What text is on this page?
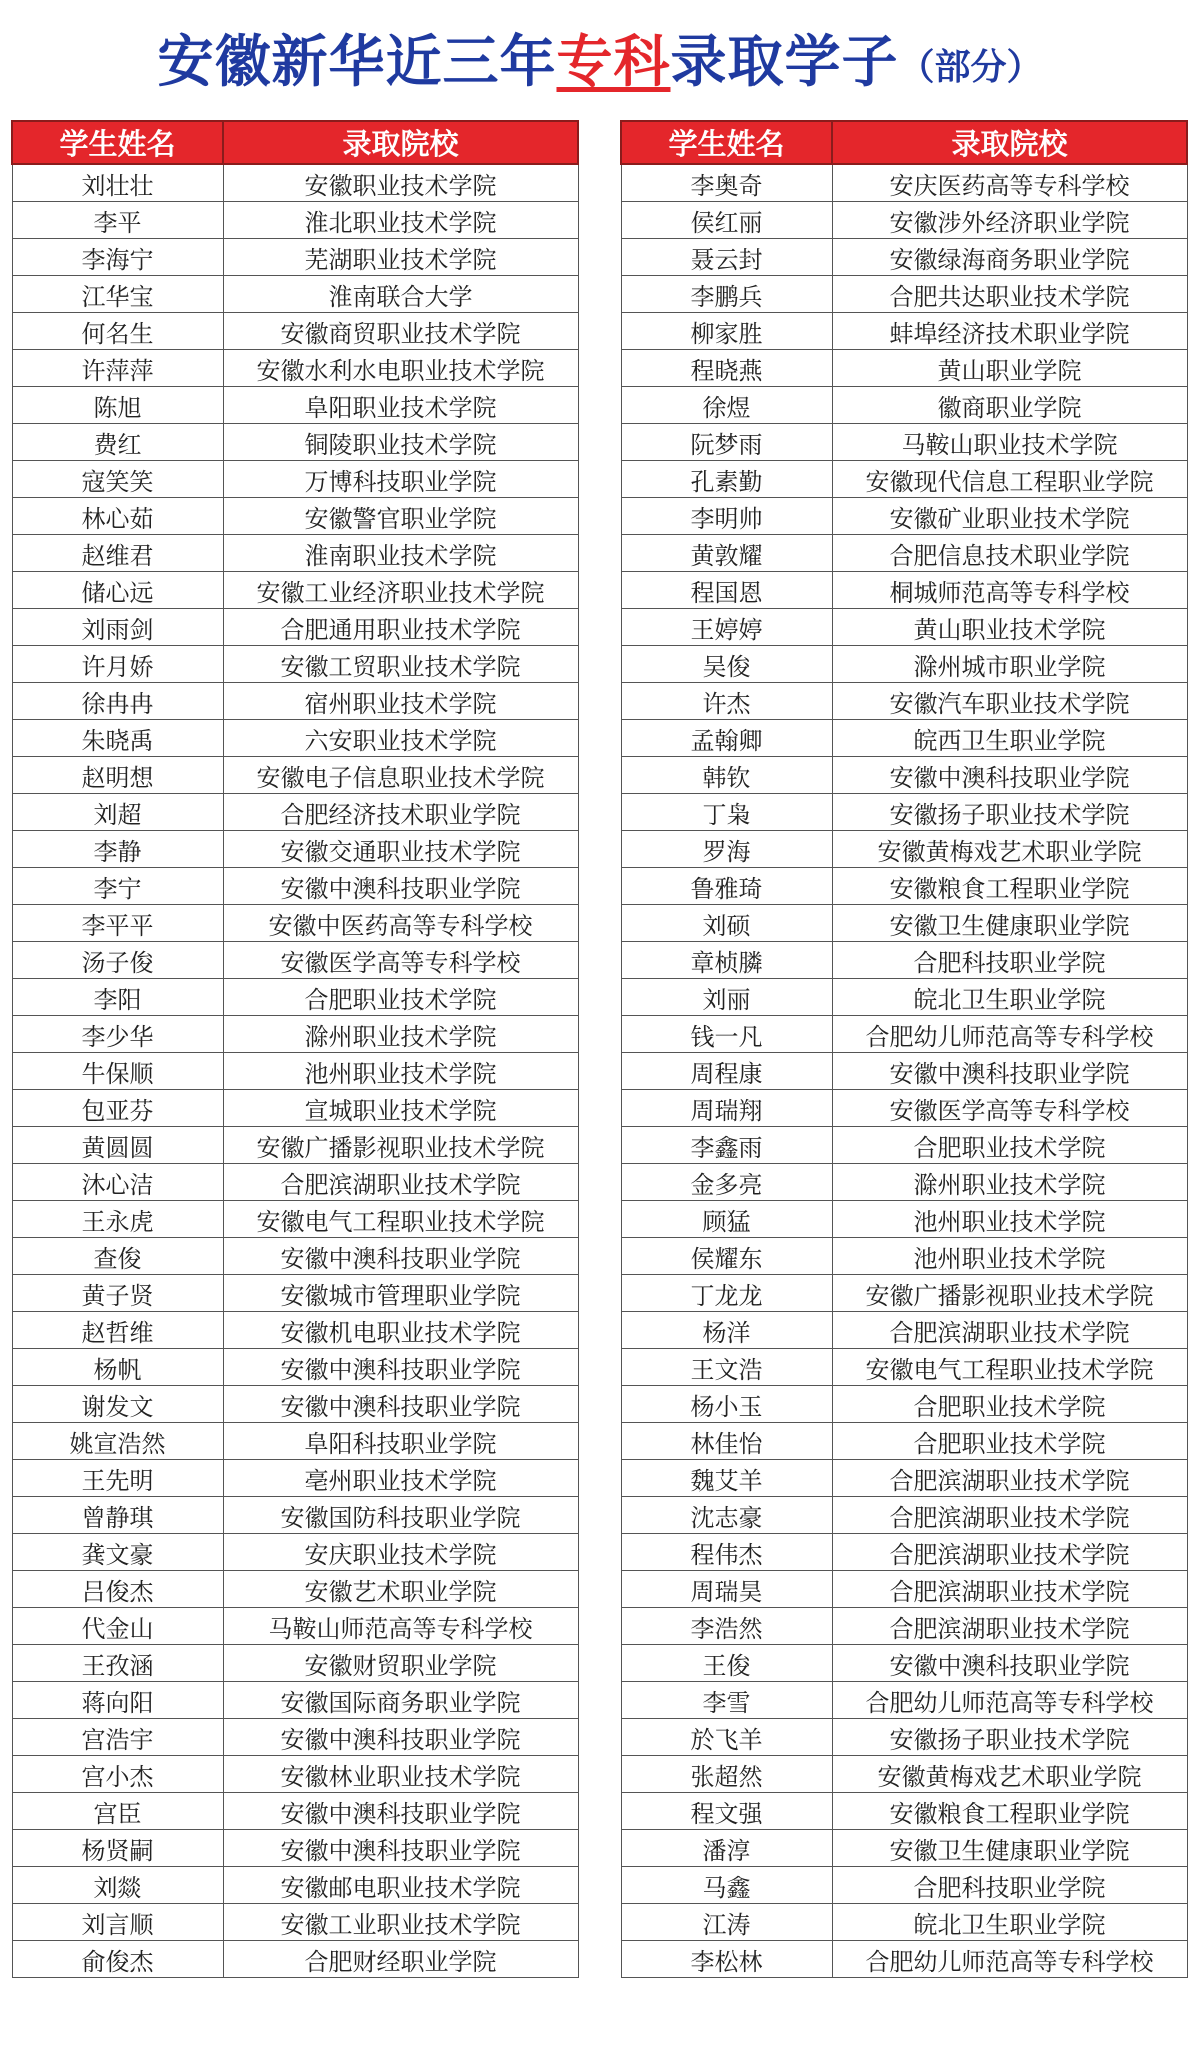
安徽新华近三年专科录取学子（部分）
学生姓名	录取院校
刘壮壮	安徽职业技术学院
李平	淮北职业技术学院
李海宁	芜湖职业技术学院
江华宝	淮南联合大学
何名生	安徽商贸职业技术学院
许萍萍	安徽水利水电职业技术学院
陈旭	阜阳职业技术学院
费红	铜陵职业技术学院
寇笑笑	万博科技职业学院
林心茹	安徽警官职业学院
赵维君	淮南职业技术学院
储心远	安徽工业经济职业技术学院
刘雨剑	合肥通用职业技术学院
许月娇	安徽工贸职业技术学院
徐冉冉	宿州职业技术学院
朱晓禹	六安职业技术学院
赵明想	安徽电子信息职业技术学院
刘超	合肥经济技术职业学院
李静	安徽交通职业技术学院
李宁	安徽中澳科技职业学院
李平平	安徽中医药高等专科学校
汤子俊	安徽医学高等专科学校
李阳	合肥职业技术学院
李少华	滁州职业技术学院
牛保顺	池州职业技术学院
包亚芬	宣城职业技术学院
黄圆圆	安徽广播影视职业技术学院
沐心洁	合肥滨湖职业技术学院
王永虎	安徽电气工程职业技术学院
查俊	安徽中澳科技职业学院
黄子贤	安徽城市管理职业学院
赵哲维	安徽机电职业技术学院
杨帆	安徽中澳科技职业学院
谢发文	安徽中澳科技职业学院
姚宣浩然	阜阳科技职业学院
王先明	亳州职业技术学院
曾静琪	安徽国防科技职业学院
龚文豪	安庆职业技术学院
吕俊杰	安徽艺术职业学院
代金山	马鞍山师范高等专科学校
王孜涵	安徽财贸职业学院
蒋向阳	安徽国际商务职业学院
宫浩宇	安徽中澳科技职业学院
宫小杰	安徽林业职业技术学院
宫臣	安徽中澳科技职业学院
杨贤嗣	安徽中澳科技职业学院
刘燚	安徽邮电职业技术学院
刘言顺	安徽工业职业技术学院
俞俊杰	合肥财经职业学院
学生姓名	录取院校
李奥奇	安庆医药高等专科学校
侯红丽	安徽涉外经济职业学院
聂云封	安徽绿海商务职业学院
李鹏兵	合肥共达职业技术学院
柳家胜	蚌埠经济技术职业学院
程晓燕	黄山职业学院
徐煜	徽商职业学院
阮梦雨	马鞍山职业技术学院
孔素勤	安徽现代信息工程职业学院
李明帅	安徽矿业职业技术学院
黄敦耀	合肥信息技术职业学院
程国恩	桐城师范高等专科学校
王婷婷	黄山职业技术学院
吴俊	滁州城市职业学院
许杰	安徽汽车职业技术学院
孟翰卿	皖西卫生职业学院
韩钦	安徽中澳科技职业学院
丁枭	安徽扬子职业技术学院
罗海	安徽黄梅戏艺术职业学院
鲁雅琦	安徽粮食工程职业学院
刘硕	安徽卫生健康职业学院
章桢膦	合肥科技职业学院
刘丽	皖北卫生职业学院
钱一凡	合肥幼儿师范高等专科学校
周程康	安徽中澳科技职业学院
周瑞翔	安徽医学高等专科学校
李鑫雨	合肥职业技术学院
金多亮	滁州职业技术学院
顾猛	池州职业技术学院
侯耀东	池州职业技术学院
丁龙龙	安徽广播影视职业技术学院
杨洋	合肥滨湖职业技术学院
王文浩	安徽电气工程职业技术学院
杨小玉	合肥职业技术学院
林佳怡	合肥职业技术学院
魏艾羊	合肥滨湖职业技术学院
沈志豪	合肥滨湖职业技术学院
程伟杰	合肥滨湖职业技术学院
周瑞昊	合肥滨湖职业技术学院
李浩然	合肥滨湖职业技术学院
王俊	安徽中澳科技职业学院
李雪	合肥幼儿师范高等专科学校
於飞羊	安徽扬子职业技术学院
张超然	安徽黄梅戏艺术职业学院
程文强	安徽粮食工程职业学院
潘淳	安徽卫生健康职业学院
马鑫	合肥科技职业学院
江涛	皖北卫生职业学院
李松林	合肥幼儿师范高等专科学校
